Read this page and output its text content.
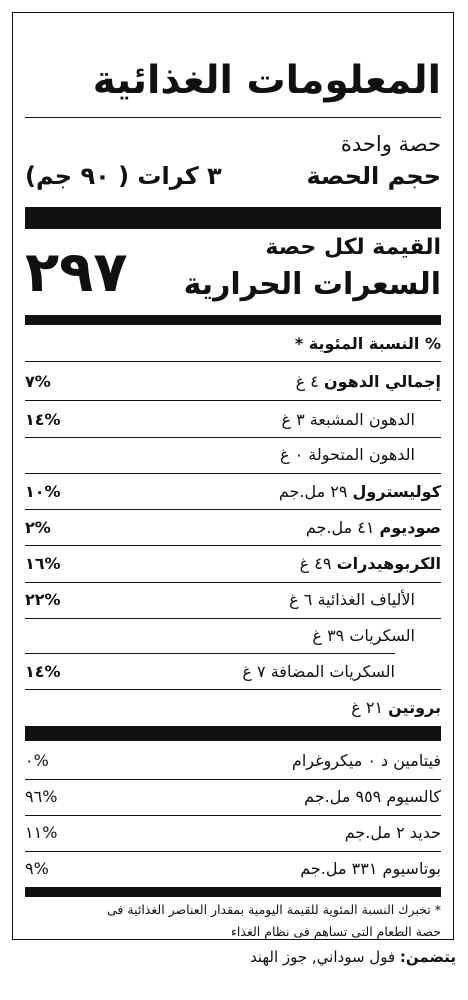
المعلومات الغذائية
حصة واحدة
حجم الحصة
٣ كرات ( ٩٠ جم)
القيمة لكل حصة
السعرات الحرارية
٢٩٧
% النسبة المئوية *
إجمالي الدهون ٤ غ
%٧
الدهون المشبعة ٣ غ
%١٤
الدهون المتحولة ٠ غ
كوليسترول ٢٩ مل.جم
%١٠
صوديوم ٤١ مل.جم
%٢
الكربوهيدرات ٤٩ غ
%١٦
الألياف الغذائية ٦ غ
%٢٢
السكريات ٣٩ غ
السكريات المضافة ٧ غ
%١٤
بروتين ٢١ غ
فيتامين د ٠ ميكروغرام
%٠
كالسيوم ٩٥٩ مل.جم
%٩٦
حديد ٢ مل.جم
%١١
بوتاسيوم ٣٣١ مل.جم
%٩
* تخبرك النسبة المئوية للقيمة اليومية بمقدار العناصر الغذائية فى
حصة الطعام التى تساهم فى نظام الغذاء
يتضمن: فول سوداني, جوز الهند
